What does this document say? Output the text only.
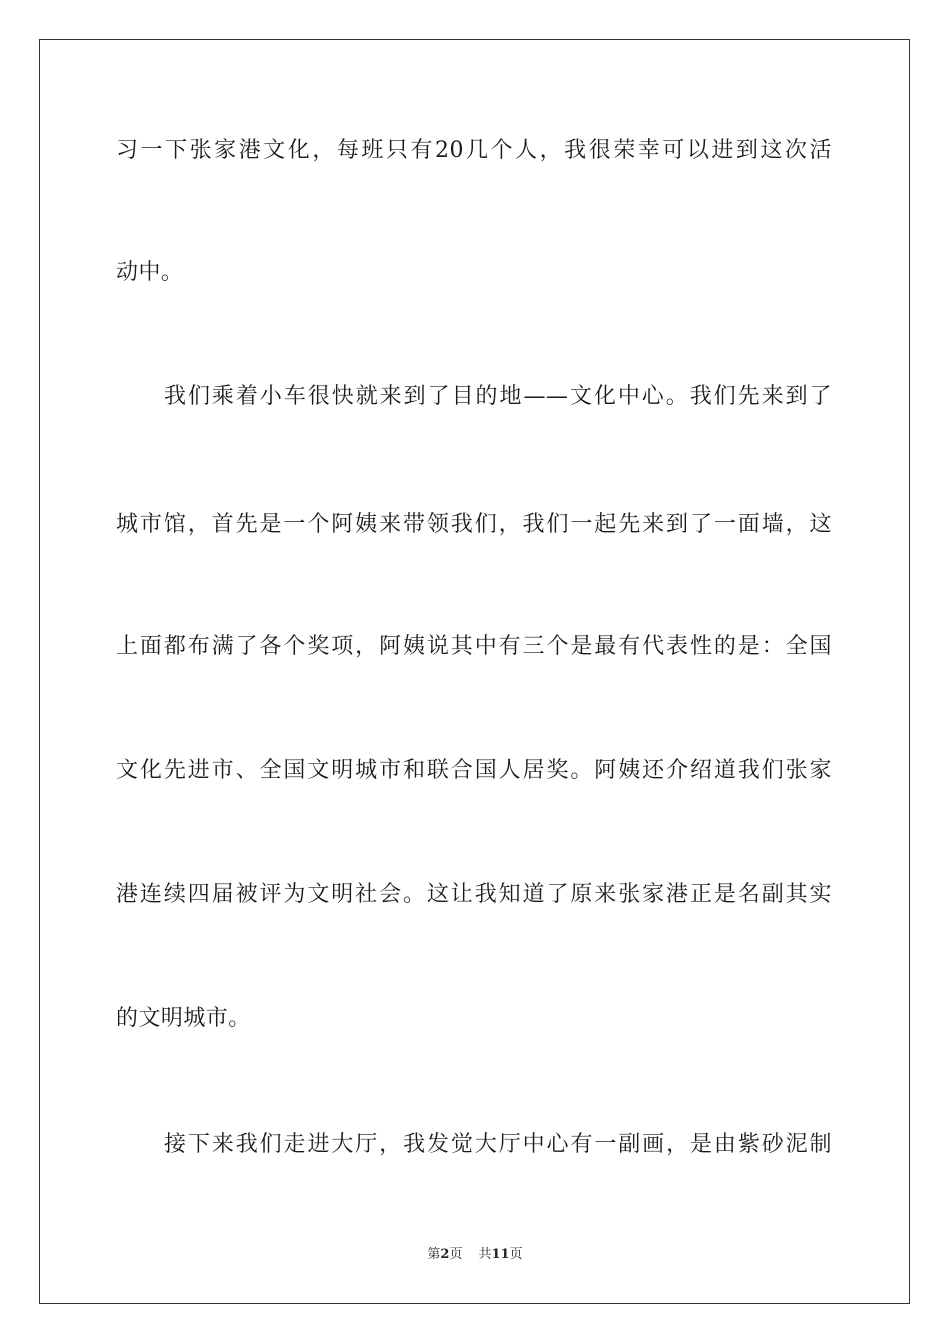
习一下张家港文化，每班只有20几个人，我很荣幸可以进到这次活
动中。
我们乘着小车很快就来到了目的地——文化中心。我们先来到了
城市馆，首先是一个阿姨来带领我们，我们一起先来到了一面墙，这
上面都布满了各个奖项，阿姨说其中有三个是最有代表性的是：全国
文化先进市、全国文明城市和联合国人居奖。阿姨还介绍道我们张家
港连续四届被评为文明社会。这让我知道了原来张家港正是名副其实
的文明城市。
接下来我们走进大厅，我发觉大厅中心有一副画，是由紫砂泥制
第2页 共11页
